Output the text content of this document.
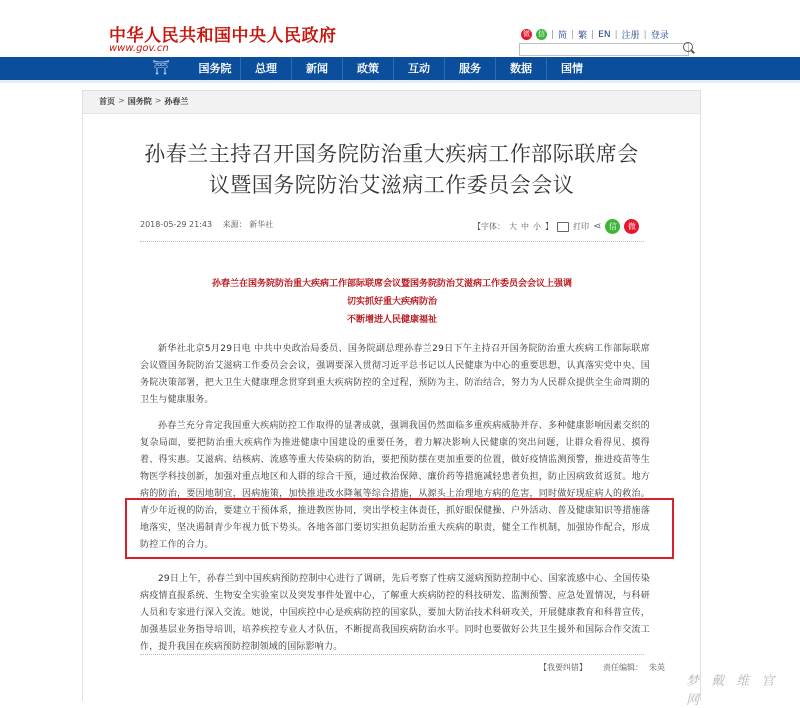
中华人民共和国中央人民政府
www.gov.cn
微 信 | 简 | 繁 | EN | 注册 | 登录
⛩	国务院	总理	新闻	政策	互动	服务	数据	国情
首页 > 国务院 > 孙春兰
孙春兰主持召开国务院防治重大疾病工作部际联席会
议暨国务院防治艾滋病工作委员会会议
2018-05-29 21:43 来源： 新华社	【字体： 大 中 小 】	打印 ⋖ 信	微
孙春兰在国务院防治重大疾病工作部际联席会议暨国务院防治艾滋病工作委员会会议上强调
切实抓好重大疾病防治
不断增进人民健康福祉

新华社北京5月29日电 中共中央政治局委员、国务院副总理孙春兰29日下午主持召开国务院防治重大疾病工作部际联席会议暨国务院防治艾滋病工作委员会会议，强调要深入贯彻习近平总书记以人民健康为中心的重要思想，认真落实党中央、国务院决策部署，把大卫生大健康理念贯穿到重大疾病防控的全过程，预防为主、防治结合，努力为人民群众提供全生命周期的卫生与健康服务。

孙春兰充分肯定我国重大疾病防控工作取得的显著成就，强调我国仍然面临多重疾病威胁并存、多种健康影响因素交织的复杂局面，要把防治重大疾病作为推进健康中国建设的重要任务，着力解决影响人民健康的突出问题，让群众看得见、摸得着、得实惠。艾滋病、结核病、流感等重大传染病的防治，要把预防摆在更加重要的位置，做好疫情监测预警，推进疫苗等生物医学科技创新，加强对重点地区和人群的综合干预，通过救治保障、廉价药等措施减轻患者负担，防止因病致贫返贫。地方病的防治，要因地制宜，因病施策，加快推进改水降氟等综合措施，从源头上治理地方病的危害，同时做好现症病人的救治。青少年近视的防治，要建立干预体系，推进教医协同，突出学校主体责任，抓好眼保健操、户外活动、普及健康知识等措施落地落实，坚决遏制青少年视力低下势头。各地各部门要切实担负起防治重大疾病的职责，健全工作机制，加强协作配合，形成防控工作的合力。

29日上午，孙春兰到中国疾病预防控制中心进行了调研，先后考察了性病艾滋病预防控制中心、国家流感中心、全国传染病疫情直报系统、生物安全实验室以及突发事件处置中心，了解重大疾病防控的科技研发、监测预警、应急处置情况，与科研人员和专家进行深入交流。她说，中国疾控中心是疾病防控的国家队，要加大防治技术科研攻关，开展健康教育和科普宣传，加强基层业务指导培训，培养疾控专业人才队伍，不断提高我国疾病防治水平。同时也要做好公共卫生援外和国际合作交流工作，提升我国在疾病预防控制领域的国际影响力。

【我要纠错】 责任编辑： 朱英
梦 戴 维 官 网
